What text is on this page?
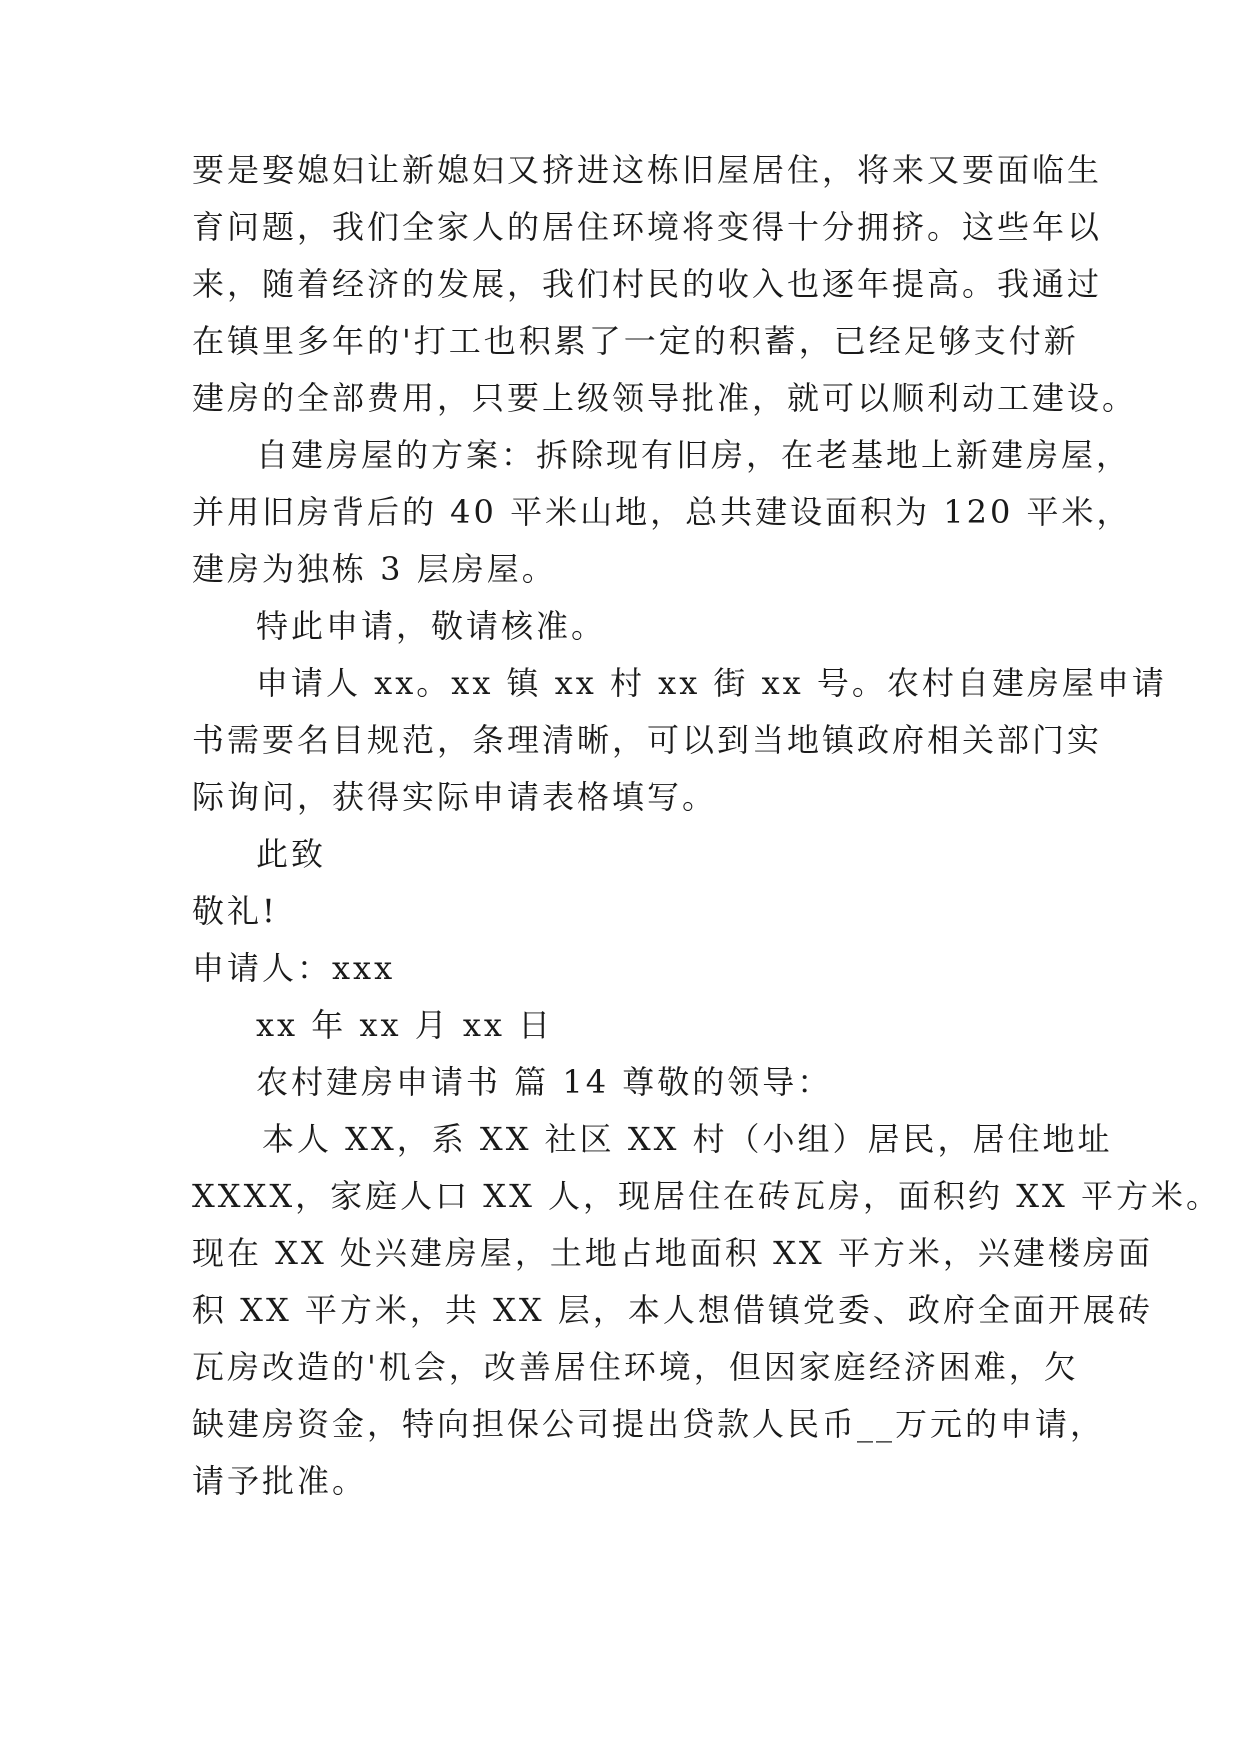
要是娶媳妇让新媳妇又挤进这栋旧屋居住，将来又要面临生
育问题，我们全家人的居住环境将变得十分拥挤。这些年以
来，随着经济的发展，我们村民的收入也逐年提高。我通过
在镇里多年的'打工也积累了一定的积蓄，已经足够支付新
建房的全部费用，只要上级领导批准，就可以顺利动工建设。
自建房屋的方案：拆除现有旧房，在老基地上新建房屋，
并用旧房背后的 40 平米山地，总共建设面积为 120 平米，
建房为独栋 3 层房屋。
特此申请，敬请核准。
申请人 xx。xx 镇 xx 村 xx 街 xx 号。农村自建房屋申请
书需要名目规范，条理清晰，可以到当地镇政府相关部门实
际询问，获得实际申请表格填写。
此致
敬礼!
申请人：xxx
xx 年 xx 月 xx 日
农村建房申请书 篇 14 尊敬的领导：
本人 XX，系 XX 社区 XX 村（小组）居民，居住地址
XXXX，家庭人口 XX 人，现居住在砖瓦房，面积约 XX 平方米。
现在 XX 处兴建房屋，土地占地面积 XX 平方米，兴建楼房面
积 XX 平方米，共 XX 层，本人想借镇党委、政府全面开展砖
瓦房改造的'机会，改善居住环境，但因家庭经济困难，欠
缺建房资金，特向担保公司提出贷款人民币__万元的申请，
请予批准。
